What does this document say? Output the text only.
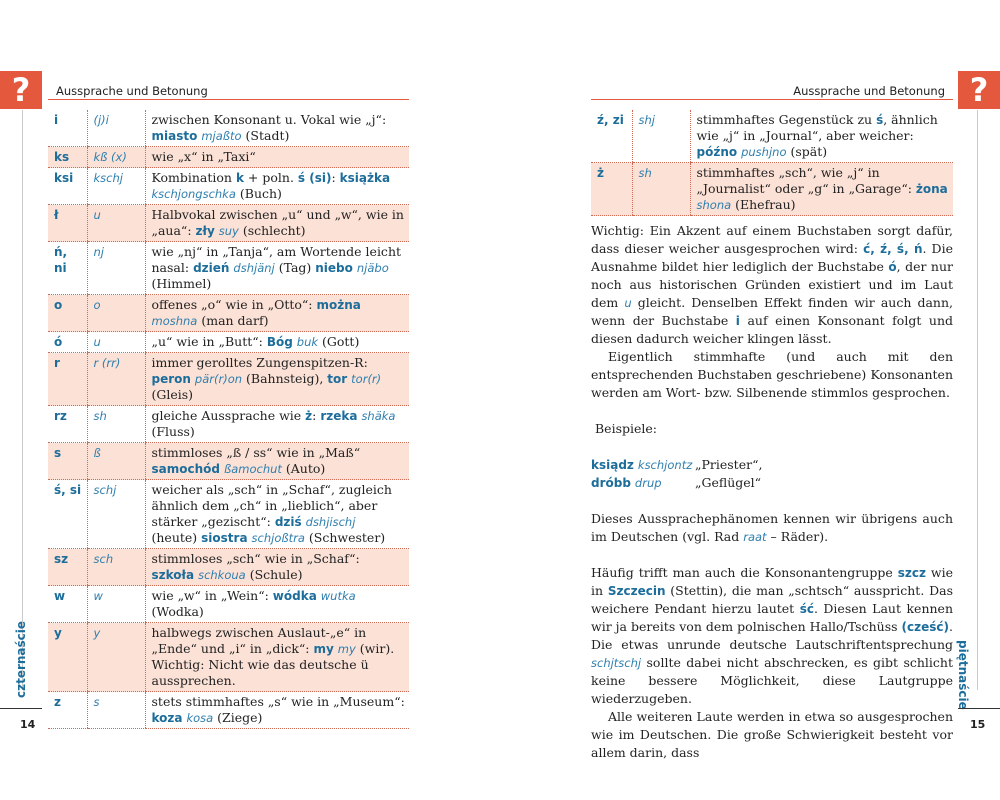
?	Aussprache und Betonung
i	(j)i	zwischen Konsonant u. Vokal wie „j“: miasto mjaßto (Stadt)
ks	kß (x)	wie „x“ in „Taxi“
ksi	kschj	Kombination k + poln. ś (si): książka kschjongschka (Buch)
ł	u	Halbvokal zwischen „u“ und „w“, wie in „aua“: zły suy (schlecht)
ń, ni	nj	wie „nj“ in „Tanja“, am Wortende leicht nasal: dzień dshjänj (Tag) niebo njäbo (Himmel)
o	o	offenes „o“ wie in „Otto“: można moshna (man darf)
ó	u	„u“ wie in „Butt“: Bóg buk (Gott)
r	r (rr)	immer gerolltes Zungenspitzen-R: peron pär(r)on (Bahnsteig), tor tor(r) (Gleis)
rz	sh	gleiche Aussprache wie ż: rzeka shäka (Fluss)
s	ß	stimmloses „ß / ss“ wie in „Maß“ samochód ßamochut (Auto)
ś, si	schj	weicher als „sch“ in „Schaf“, zugleich ähnlich dem „ch“ in „lieblich“, aber stärker „gezischt“: dziś dshjischj (heute) siostra schjoßtra (Schwester)
sz	sch	stimmloses „sch“ wie in „Schaf“: szkoła schkoua (Schule)
w	w	wie „w“ in „Wein“: wódka wutka (Wodka)
y	y	halbwegs zwischen Auslaut-„e“ in „Ende“ und „i“ in „dick“: my my (wir). Wichtig: Nicht wie das deutsche ü aussprechen.
z	s	stets stimmhaftes „s“ wie in „Museum“: koza kosa (Ziege)
czternaście
14
?
Aussprache und Betonung
ź, zi	shj	stimmhaftes Gegenstück zu ś, ähnlich wie „j“ in „Journal“, aber weicher: późno pushjno (spät)
ż	sh	stimmhaftes „sch“, wie „j“ in „Journalist“ oder „g“ in „Garage“: żona shona (Ehefrau)

Wichtig: Ein Akzent auf einem Buchstaben sorgt dafür, dass dieser weicher ausgesprochen wird: ć, ź, ś, ń. Die Ausnahme bildet hier lediglich der Buchstabe ó, der nur noch aus historischen Gründen existiert und im Laut dem u gleicht. Denselben Effekt finden wir auch dann, wenn der Buchstabe i auf einen Konsonant folgt und diesen dadurch weicher klingen lässt.

Eigentlich stimmhafte (und auch mit den entsprechenden Buchstaben geschriebene) Konsonanten werden am Wort- bzw. Silbenende stimmlos gesprochen.

Beispiele:

ksiądz kschjontz „Priester“,

dróbb drup	„Geflügel“

Dieses Aussprachephänomen kennen wir übrigens auch im Deutschen (vgl. Rad raat – Räder).

Häufig trifft man auch die Konsonantengruppe szcz wie in Szczecin (Stettin), die man „schtsch“ ausspricht. Das weichere Pendant hierzu lautet ść. Diesen Laut kennen wir ja bereits von dem polnischen Hallo/Tschüss (cześć). Die etwas unrunde deutsche Lautschriftentsprechung schjtschj sollte dabei nicht abschrecken, es gibt schlicht keine bessere Möglichkeit, diese Lautgruppe wiederzugeben.

Alle weiteren Laute werden in etwa so ausgesprochen wie im Deutschen. Die große Schwierigkeit besteht vor allem darin, dass

piętnaście
15
